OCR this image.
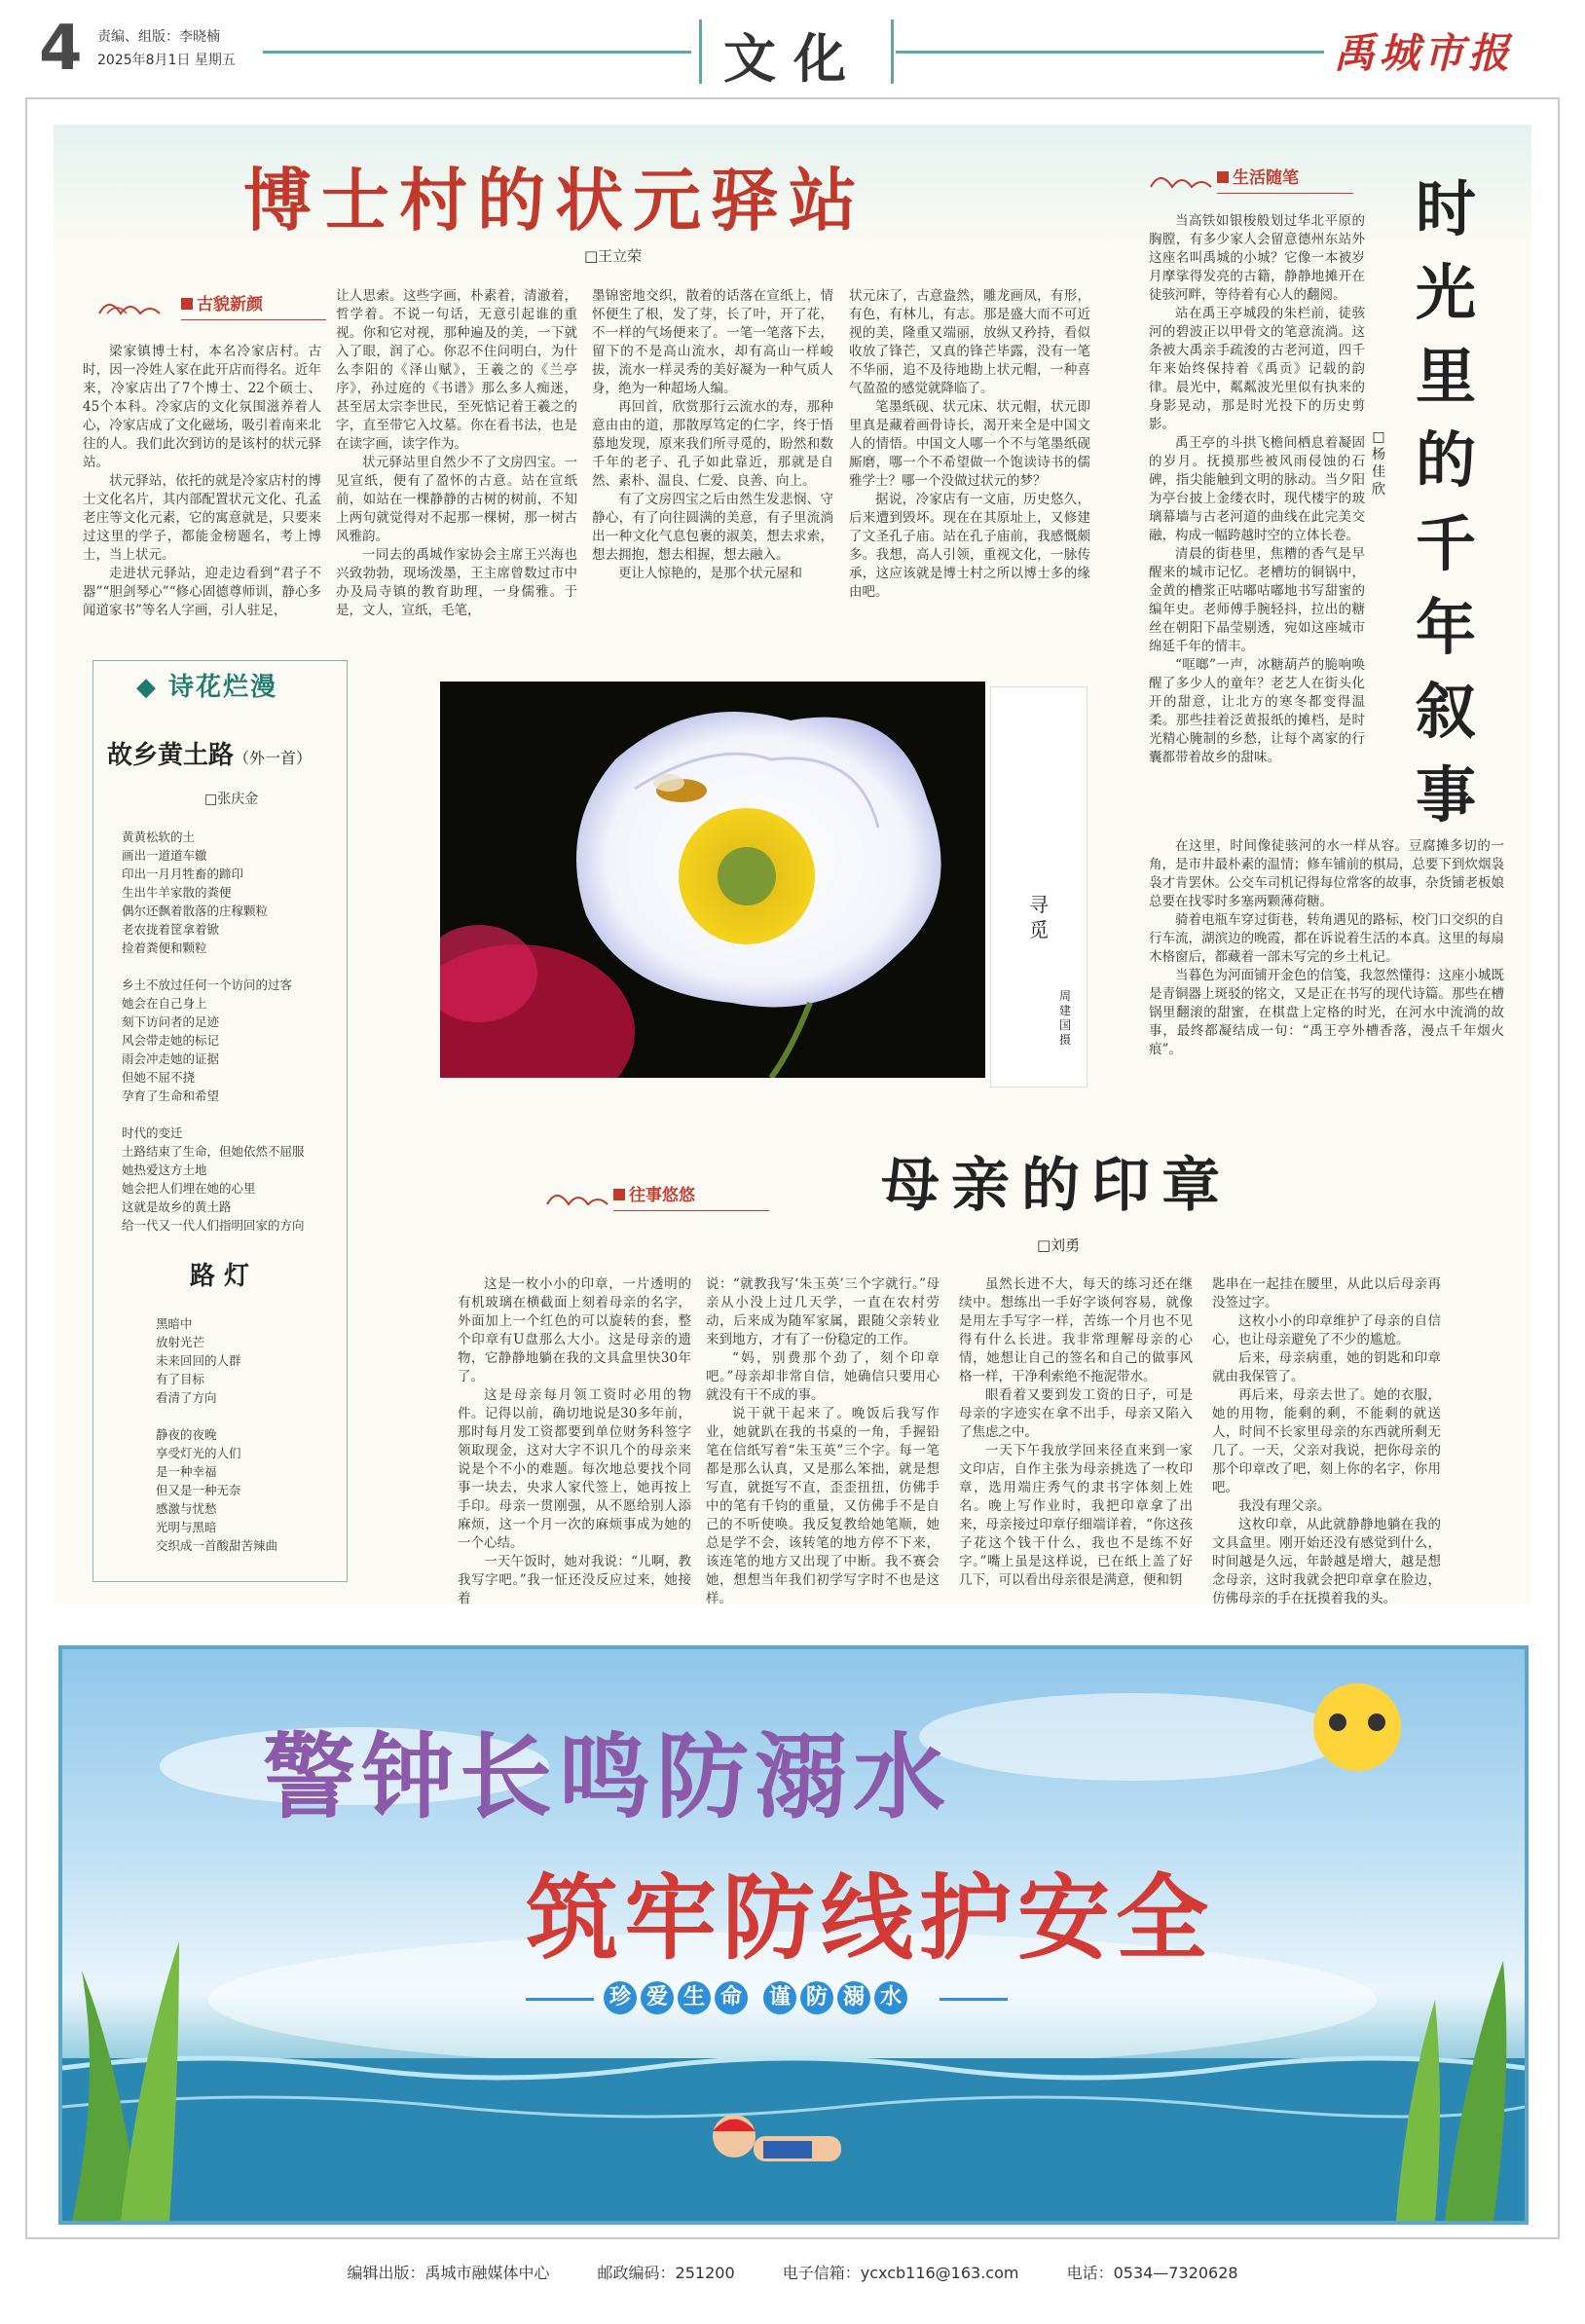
4 责编、组版：李晓楠
2025年8月1日 星期五	文化	禹城市报
博士村的状元驿站
□王立荣
古貌新颜

梁家镇博士村，本名冷家店村。古时，因一冷姓人家在此开店而得名。近年来，冷家店出了7个博士、22个硕士、45个本科。冷家店的文化氛围滋养着人心，冷家店成了文化磁场，吸引着南来北往的人。我们此次到访的是该村的状元驿站。

状元驿站，依托的就是冷家店村的博士文化名片，其内部配置状元文化、孔孟老庄等文化元素，它的寓意就是，只要来过这里的学子，都能金榜题名，考上博士，当上状元。

走进状元驿站，迎走边看到“君子不器”“胆剑琴心”“修心固德尊师训，静心多闻道家书”等名人字画，引人驻足，

让人思索。这些字画，朴素着，清澈着，哲学着。不说一句话，无意引起谁的重视。你和它对视，那种遍及的美，一下就入了眼，润了心。你忍不住问明白，为什么李阳的《泽山赋》，王羲之的《兰亭序》，孙过庭的《书谱》那么多人痴迷，甚至居太宗李世民，至死惦记着王羲之的字，直至带它入坟墓。你在看书法，也是在读字画，读字作为。

状元驿站里自然少不了文房四宝。一见宣纸，便有了盈怀的古意。站在宣纸前，如站在一棵静静的古树的树前，不知上两句就觉得对不起那一棵树，那一树古风雅韵。

一同去的禹城作家协会主席王兴海也兴致勃勃，现场泼墨，王主席曾数过市中办及局寺镇的教育助理，一身儒雅。于是，文人，宣纸，毛笔，

墨锦密地交织，散着的话落在宣纸上，情怀便生了根，发了芽，长了叶，开了花，不一样的气场便来了。一笔一笔落下去，留下的不是高山流水，却有高山一样峻拔，流水一样灵秀的美好凝为一种气质人身，绝为一种超场人编。

再回首，欣赏那行云流水的寿，那种意由由的道，那散厚笃定的仁字，终于悟慕地发现，原来我们所寻觅的，盼然和数千年的老子、孔子如此靠近，那就是自然、素朴、温良、仁爱、良善、向上。

有了文房四宝之后由然生发悲悯、守静心，有了向往圆满的美意，有子里流淌出一种文化气息包裹的淑美，想去求索，想去拥抱，想去相握，想去融入。

更让人惊艳的，是那个状元屋和

状元床了，古意盎然，雕龙画凤，有形，有色，有林儿，有志。那是盛大而不可近视的美，隆重又端丽，放纵又矜持，看似收放了锋芒，又真的锋芒毕露，没有一笔不华丽，追不及待地勘上状元帽，一种喜气盈盈的感觉就降临了。

笔墨纸砚、状元床、状元帽，状元即里真是藏着画骨诗长，渴开来全是中国文人的情悟。中国文人哪一个不与笔墨纸砚厮磨，哪一个不希望做一个饱读诗书的儒雅学士？哪一个没做过状元的梦？

据说，冷家店有一文庙，历史悠久，后来遭到毁坏。现在在其原址上，又修建了文圣孔子庙。站在孔子庙前，我感慨颇多。我想，高人引领，重视文化，一脉传承，这应该就是博士村之所以博士多的缘由吧。

生活随笔	时光里的千年叙事
□杨佳欣

当高铁如银梭般划过华北平原的胸膛，有多少家人会留意德州东站外这座名叫禹城的小城？它像一本被岁月摩挲得发亮的古籍，静静地摊开在徒骇河畔，等待着有心人的翻阅。

站在禹王亭城段的朱栏前，徒骇河的碧波正以甲骨文的笔意流淌。这条被大禹亲手疏浚的古老河道，四千年来始终保持着《禹贡》记载的韵律。晨光中，粼粼波光里似有执来的身影晃动，那是时光投下的历史剪影。

禹王亭的斗拱飞檐间栖息着凝固的岁月。抚摸那些被风雨侵蚀的石碑，指尖能触到文明的脉动。当夕阳为亭台披上金缕衣时，现代楼宇的玻璃幕墙与古老河道的曲线在此完美交融，构成一幅跨越时空的立体长卷。

清晨的街巷里，焦糟的香气是早醒来的城市记忆。老槽坊的铜锅中，金黄的槽浆正咕嘟咕嘟地书写甜蜜的编年史。老师傅手腕轻抖，拉出的糖丝在朝阳下晶莹剔透，宛如这座城市绵延千年的情丰。

“哐啷”一声，冰糖葫芦的脆响唤醒了多少人的童年？老艺人在街头化开的甜意，让北方的寒冬都变得温柔。那些挂着泛黄报纸的摊档，是时光精心腌制的乡愁，让每个离家的行囊都带着故乡的甜味。

在这里，时间像徒骇河的水一样从容。豆腐摊多切的一角，是市井最朴素的温情；修车铺前的棋局，总要下到炊烟袅袅才肯罢休。公交车司机记得每位常客的故事，杂货铺老板娘总要在找零时多塞两颗薄荷糖。

骑着电瓶车穿过街巷，转角遇见的路标，校门口交织的自行车流，湖滨边的晚霞，都在诉说着生活的本真。这里的每扇木格窗后，都藏着一部未写完的乡土札记。

当暮色为河面铺开金色的信笺，我忽然懂得：这座小城既是青铜器上斑驳的铭文，又是正在书写的现代诗篇。那些在槽锅里翻滚的甜蜜，在棋盘上定格的时光，在河水中流淌的故事，最终都凝结成一句：“禹王亭外槽香落，漫点千年烟火痕”。

◆ 诗花烂漫
故乡黄土路（外一首）
□张庆金
黄黄松软的土
画出一道道车辙
印出一月月牲畜的蹄印
生出牛羊家散的粪便
偶尔还飘着散落的庄稼颗粒
老农拢着筐拿着锨
捡着粪便和颗粒
乡土不放过任何一个访问的过客
她会在自己身上
刻下访问者的足迹
风会带走她的标记
雨会冲走她的证据
但她不屈不挠
孕育了生命和希望
时代的变迁
土路结束了生命，但她依然不屈服
她热爱这方土地
她会把人们埋在她的心里
这就是故乡的黄土路
给一代又一代人们指明回家的方向
路 灯
黑暗中
放射光芒
未来回回的人群
有了目标
看清了方向
静夜的夜晚
享受灯光的人们
是一种幸福
但又是一种无奈
感激与忧愁
光明与黑暗
交织成一首酸甜苦辣曲
寻觅
周建国 摄
往事悠悠	母亲的印章
□刘勇

这是一枚小小的印章，一片透明的有机玻璃在横截面上刻着母亲的名字，外面加上一个红色的可以旋转的套，整个印章有U盘那么大小。这是母亲的遗物，它静静地躺在我的文具盒里快30年了。

这是母亲每月领工资时必用的物件。记得以前，确切地说是30多年前，那时每月发工资都要到单位财务科签字领取现金，这对大字不识几个的母亲来说是个不小的难题。每次地总要找个同事一块去，央求人家代签上，她再按上手印。母亲一贯刚强，从不愿给别人添麻烦，这一个月一次的麻烦事成为她的一个心结。

一天午饭时，她对我说：“儿啊，教我写字吧。”我一怔还没反应过来，她接着

说：“就教我写‘朱玉英’三个字就行。”母亲从小没上过几天学，一直在农村劳动，后来成为随军家属，跟随父亲转业来到地方，才有了一份稳定的工作。

“妈，别费那个劲了，刻个印章吧。”母亲却非常自信，她确信只要用心就没有干不成的事。

说干就干起来了。晚饭后我写作业，她就趴在我的书桌的一角，手握铅笔在信纸写着“朱玉英”三个字。每一笔都是那么认真，又是那么笨拙，就是想写直，就挺写不直，歪歪扭扭，仿佛手中的笔有千钧的重量，又仿佛手不是自己的不听使唤。我反复教给她笔顺，她总是学不会，该转笔的地方停不下来，该连笔的地方又出现了中断。我不赛会她，想想当年我们初学写字时不也是这样。

虽然长进不大，每天的练习还在继续中。想练出一手好字谈何容易，就像是用左手写字一样，苦练一个月也不见得有什么长进。我非常理解母亲的心情，她想让自己的签名和自己的做事风格一样，干净利索绝不拖泥带水。

眼看着又要到发工资的日子，可是母亲的字迹实在拿不出手，母亲又陷入了焦虑之中。

一天下午我放学回来径直来到一家文印店，自作主张为母亲挑选了一枚印章，选用端庄秀气的隶书字体刻上姓名。晚上写作业时，我把印章拿了出来，母亲接过印章仔细端详着，“你这孩子花这个钱干什么，我也不是练不好字。”嘴上虽是这样说，已在纸上盖了好几下，可以看出母亲很是满意，便和钥

匙串在一起挂在腰里，从此以后母亲再没签过字。

这枚小小的印章维护了母亲的自信心，也让母亲避免了不少的尴尬。

后来，母亲病重，她的钥匙和印章就由我保管了。

再后来，母亲去世了。她的衣服，她的用物，能剩的剩，不能剩的就送人，时间不长家里母亲的东西就所剩无几了。一天，父亲对我说，把你母亲的那个印章改了吧，刻上你的名字，你用吧。

我没有理父亲。

这枚印章，从此就静静地躺在我的文具盒里。刚开始还没有感觉到什么，时间越是久远，年龄越是增大，越是想念母亲，这时我就会把印章拿在脸边，仿佛母亲的手在抚摸着我的头。

警钟长鸣防溺水
筑牢防线护安全
珍 爱 生 命 谨 防 溺 水
编辑出版：禹城市融媒体中心	邮政编码：251200	电子信箱：ycxcb116@163.com	电话：0534—7320628
